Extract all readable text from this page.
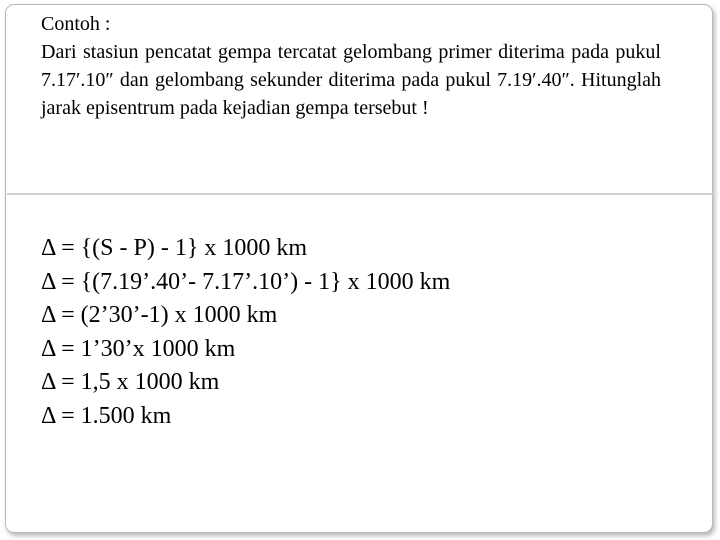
Contoh :
Dari stasiun pencatat gempa tercatat gelombang primer diterima pada pukul 7.17′.10″ dan gelombang sekunder diterima pada pukul 7.19′.40″. Hitunglah jarak episentrum pada kejadian gempa tersebut !
Δ = {(S - P) - 1} x 1000 km
Δ = {(7.19’.40’- 7.17’.10’) - 1} x 1000 km
Δ = (2’30’-1) x 1000 km
Δ = 1’30’x 1000 km
Δ = 1,5 x 1000 km
Δ = 1.500 km
